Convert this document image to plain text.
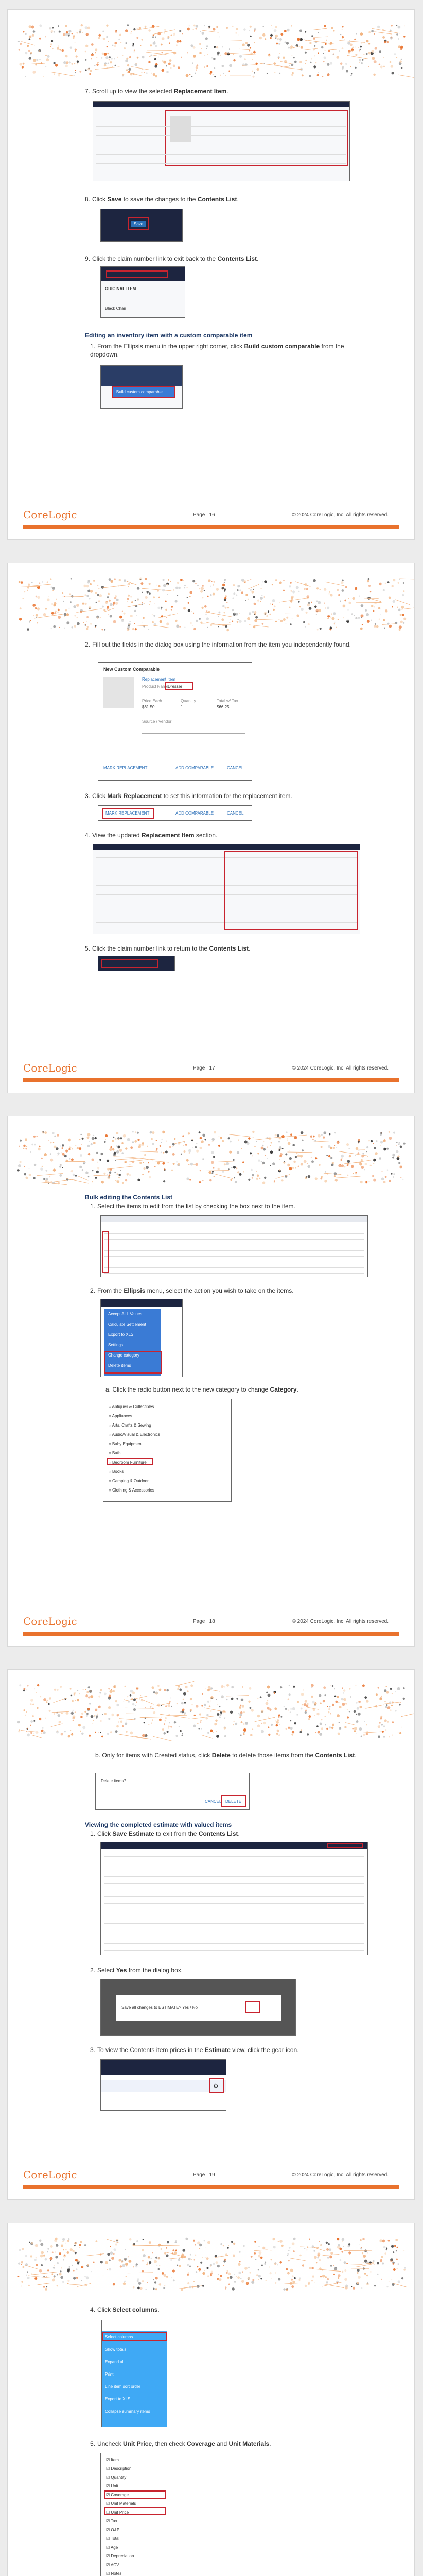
7. Scroll up to view the selected Replacement Item.
8. Click Save to save the changes to the Contents List.
Save
9. Click the claim number link to exit back to the Contents List.
ORIGINAL ITEM
Black Chair
Editing an inventory item with a custom comparable item
1. From the Ellipsis menu in the upper right corner, click Build custom comparable from the dropdown.
Build custom comparable
CoreLogic	Page | 16	© 2024 CoreLogic, Inc. All rights reserved.
2. Fill out the fields in the dialog box using the information from the item you independently found.
New Custom Comparable
Replacement Item
Product Name
Dresser
Price Each
$61.50
Quantity
1
Total w/ Tax
$66.25
Source / Vendor
MARK REPLACEMENT	ADD COMPARABLE	CANCEL
3. Click Mark Replacement to set this information for the replacement item.
MARK REPLACEMENT	ADD COMPARABLE	CANCEL
4. View the updated Replacement Item section.
5. Click the claim number link to return to the Contents List.
CoreLogic	Page | 17	© 2024 CoreLogic, Inc. All rights reserved.
Bulk editing the Contents List
1. Select the items to edit from the list by checking the box next to the item.
2. From the Ellipsis menu, select the action you wish to take on the items.
Accept ALL Values
Calculate Settlement
Export to XLS
Settings
Change category
Delete items
a. Click the radio button next to the new category to change Category.
○ Antiques & Collectibles
○ Appliances
○ Arts, Crafts & Sewing
○ Audio/Visual & Electronics
○ Baby Equipment
○ Bath
○ Bedroom Furniture
○ Books
○ Camping & Outdoor
○ Clothing & Accessories
CoreLogic	Page | 18	© 2024 CoreLogic, Inc. All rights reserved.
b. Only for items with Created status, click Delete to delete those items from the Contents List.
Delete items?
CANCEL DELETE
Viewing the completed estimate with valued items
1. Click Save Estimate to exit from the Contents List.
2. Select Yes from the dialog box.
Save all changes to ESTIMATE? Yes / No
3. To view the Contents item prices in the Estimate view, click the gear icon.
⚙
CoreLogic	Page | 19	© 2024 CoreLogic, Inc. All rights reserved.
4. Click Select columns.
Select columns
Show totals
Expand all
Print
Line item sort order
Export to XLS
Collapse summary items
5. Uncheck Unit Price, then check Coverage and Unit Materials.
☑ Item
☑ Description
☑ Quantity
☑ Unit
☑ Coverage
☑ Unit Materials
☐ Unit Price
☑ Tax
☑ O&P
☑ Total
☑ Age
☑ Depreciation
☑ ACV
☑ Notes
